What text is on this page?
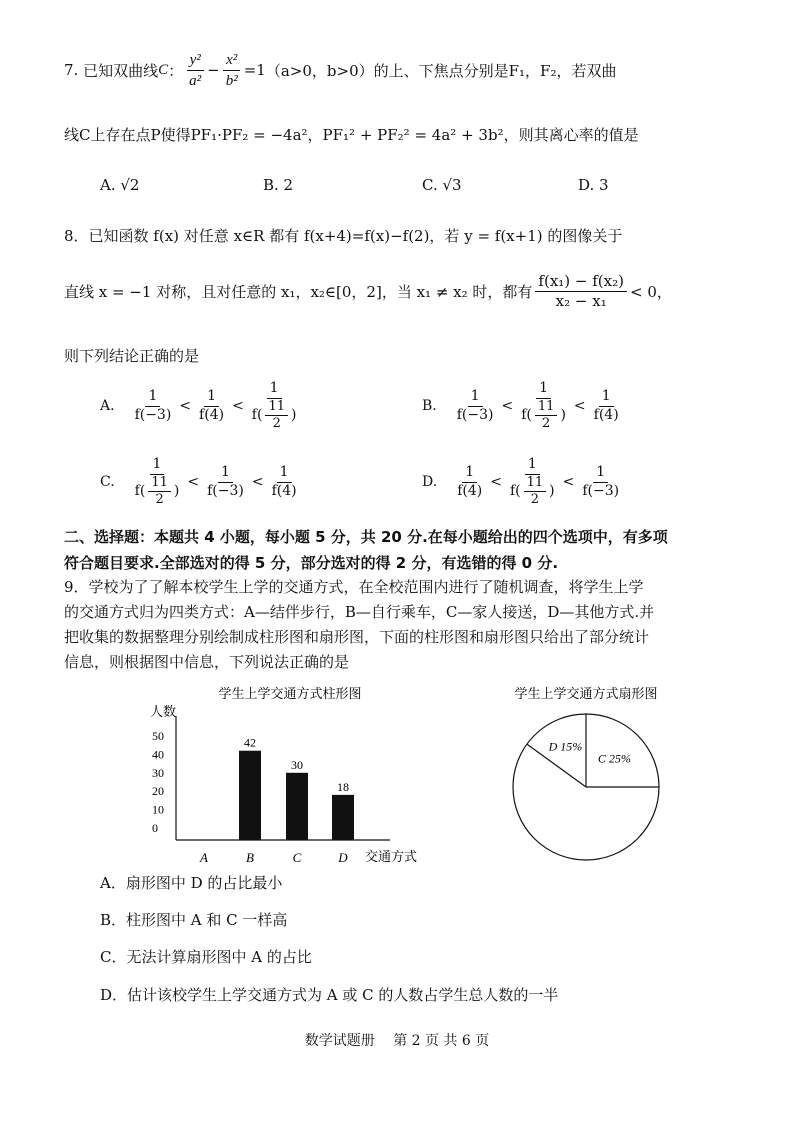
7.
已知双曲线 C ： $\frac{\text{y²}}{\text{a²}} - \frac{\text{x²}}{\text{b²}} =1$ （a>0，b>0）的上、下焦点分别是F₁，F₂，若双曲
线C上存在点P使得PF₁·PF₂ = −4a²，PF₁² + PF₂² = 4a² + 3b²，则其离心率的值是
A. √2	B. 2	C. √3	D. 3
8．已知函数 f(x) 对任意 x∈R 都有 f(x+4)=f(x)−f(2)，若 y = f(x+1) 的图像关于
直线 x = −1 对称，且对任意的 x₁，x₂∈[0，2]，当 x₁ ≠ x₂ 时，都有 $\frac{\text{f(x₁) − f(x₂)}}{\text{x₂ − x₁}} < 0$，
则下列结论正确的是
A. $\frac{1}{f(-3)} < \frac{1}{f(4)} < \frac{1}{f( \frac{11}{2} )}$	B. $\frac{1}{f(-3)} < \frac{1}{f( \frac{11}{2} )} < \frac{1}{f(4)}$
C. $\frac{1}{f( \frac{11}{2} )} < \frac{1}{f(-3)} < \frac{1}{f(4)}$	D. $\frac{1}{f(4)} < \frac{1}{f( \frac{11}{2} )} < \frac{1}{f(-3)}$
二、选择题：本题共 4 小题，每小题 5 分，共 20 分.在每小题给出的四个选项中，有多项
符合题目要求.全部选对的得 5 分，部分选对的得 2 分，有选错的得 0 分.
9．学校为了了解本校学生上学的交通方式，在全校范围内进行了随机调查，将学生上学
的交通方式归为四类方式：A—结伴步行，B—自行乘车，C—家人接送，D—其他方式.并
把收集的数据整理分别绘制成柱形图和扇形图，下面的柱形图和扇形图只给出了部分统计
信息，则根据图中信息，下列说法正确的是
学生上学交通方式柱形图
人数
0
10
20
30
40
50	42
30
18
A	B	C	D 交通方式
学生上学交通方式扇形图
C 25%
D 15%
A．扇形图中 D 的占比最小
B．柱形图中 A 和 C 一样高
C．无法计算扇形图中 A 的占比
D．估计该校学生上学交通方式为 A 或 C 的人数占学生总人数的一半
数学试题册　 第 2 页 共 6 页
